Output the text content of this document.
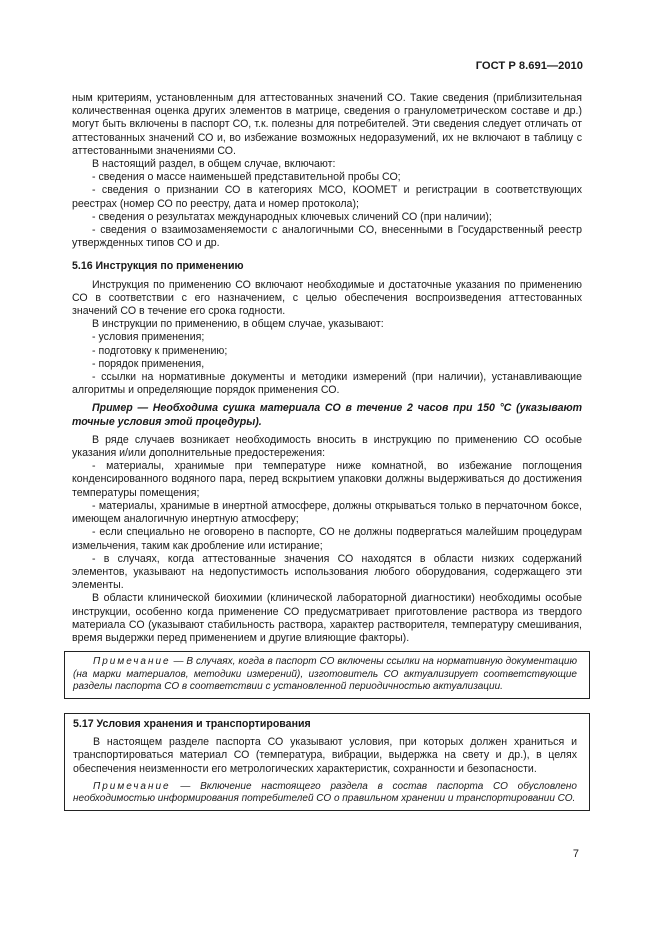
ГОСТ Р 8.691—2010

ным критериям, установленным для аттестованных значений СО. Такие сведения (приблизительная количественная оценка других элементов в матрице, сведения о гранулометрическом составе и др.) могут быть включены в паспорт СО, т.к. полезны для потребителей. Эти сведения следует отличать от аттестованных значений СО и, во избежание возможных недоразумений, их не включают в таблицу с аттестованными значениями СО.

В настоящий раздел, в общем случае, включают:

- сведения о массе наименьшей представительной пробы СО;

- сведения о признании СО в категориях МСО, КООМЕТ и регистрации в соответствующих реестрах (номер СО по реестру, дата и номер протокола);

- сведения о результатах международных ключевых сличений СО (при наличии);

- сведения о взаимозаменяемости с аналогичными СО, внесенными в Государственный реестр утвержденных типов СО и др.

5.16 Инструкция по применению

Инструкция по применению СО включают необходимые и достаточные указания по применению СО в соответствии с его назначением, с целью обеспечения воспроизведения аттестованных значений СО в течение его срока годности.

В инструкции по применению, в общем случае, указывают:

- условия применения;

- подготовку к применению;

- порядок применения,

- ссылки на нормативные документы и методики измерений (при наличии), устанавливающие алгоритмы и определяющие порядок применения СО.

Пример — Необходима сушка материала СО в течение 2 часов при 150 °С (указывают точные условия этой процедуры).

В ряде случаев возникает необходимость вносить в инструкцию по применению СО особые указания и/или дополнительные предостережения:

- материалы, хранимые при температуре ниже комнатной, во избежание поглощения конденсированного водяного пара, перед вскрытием упаковки должны выдерживаться до достижения температуры помещения;

- материалы, хранимые в инертной атмосфере, должны открываться только в перчаточном боксе, имеющем аналогичную инертную атмосферу;

- если специально не оговорено в паспорте, СО не должны подвергаться малейшим процедурам измельчения, таким как дробление или истирание;

- в случаях, когда аттестованные значения СО находятся в области низких содержаний элементов, указывают на недопустимость использования любого оборудования, содержащего эти элементы.

В области клинической биохимии (клинической лабораторной диагностики) необходимы особые инструкции, особенно когда применение СО предусматривает приготовление раствора из твердого материала СО (указывают стабильность раствора, характер растворителя, температуру смешивания, время выдержки перед применением и другие влияющие факторы).

Примечание — В случаях, когда в паспорт СО включены ссылки на нормативную документацию (на марки материалов, методики измерений), изготовитель СО актуализирует соответствующие разделы паспорта СО в соответствии с установленной периодичностью актуализации.

5.17 Условия хранения и транспортирования

В настоящем разделе паспорта СО указывают условия, при которых должен храниться и транспортироваться материал СО (температура, вибрации, выдержка на свету и др.), в целях обеспечения неизменности его метрологических характеристик, сохранности и безопасности.

Примечание — Включение настоящего раздела в состав паспорта СО обусловлено необходимостью информирования потребителей СО о правильном хранении и транспортировании СО.

7
